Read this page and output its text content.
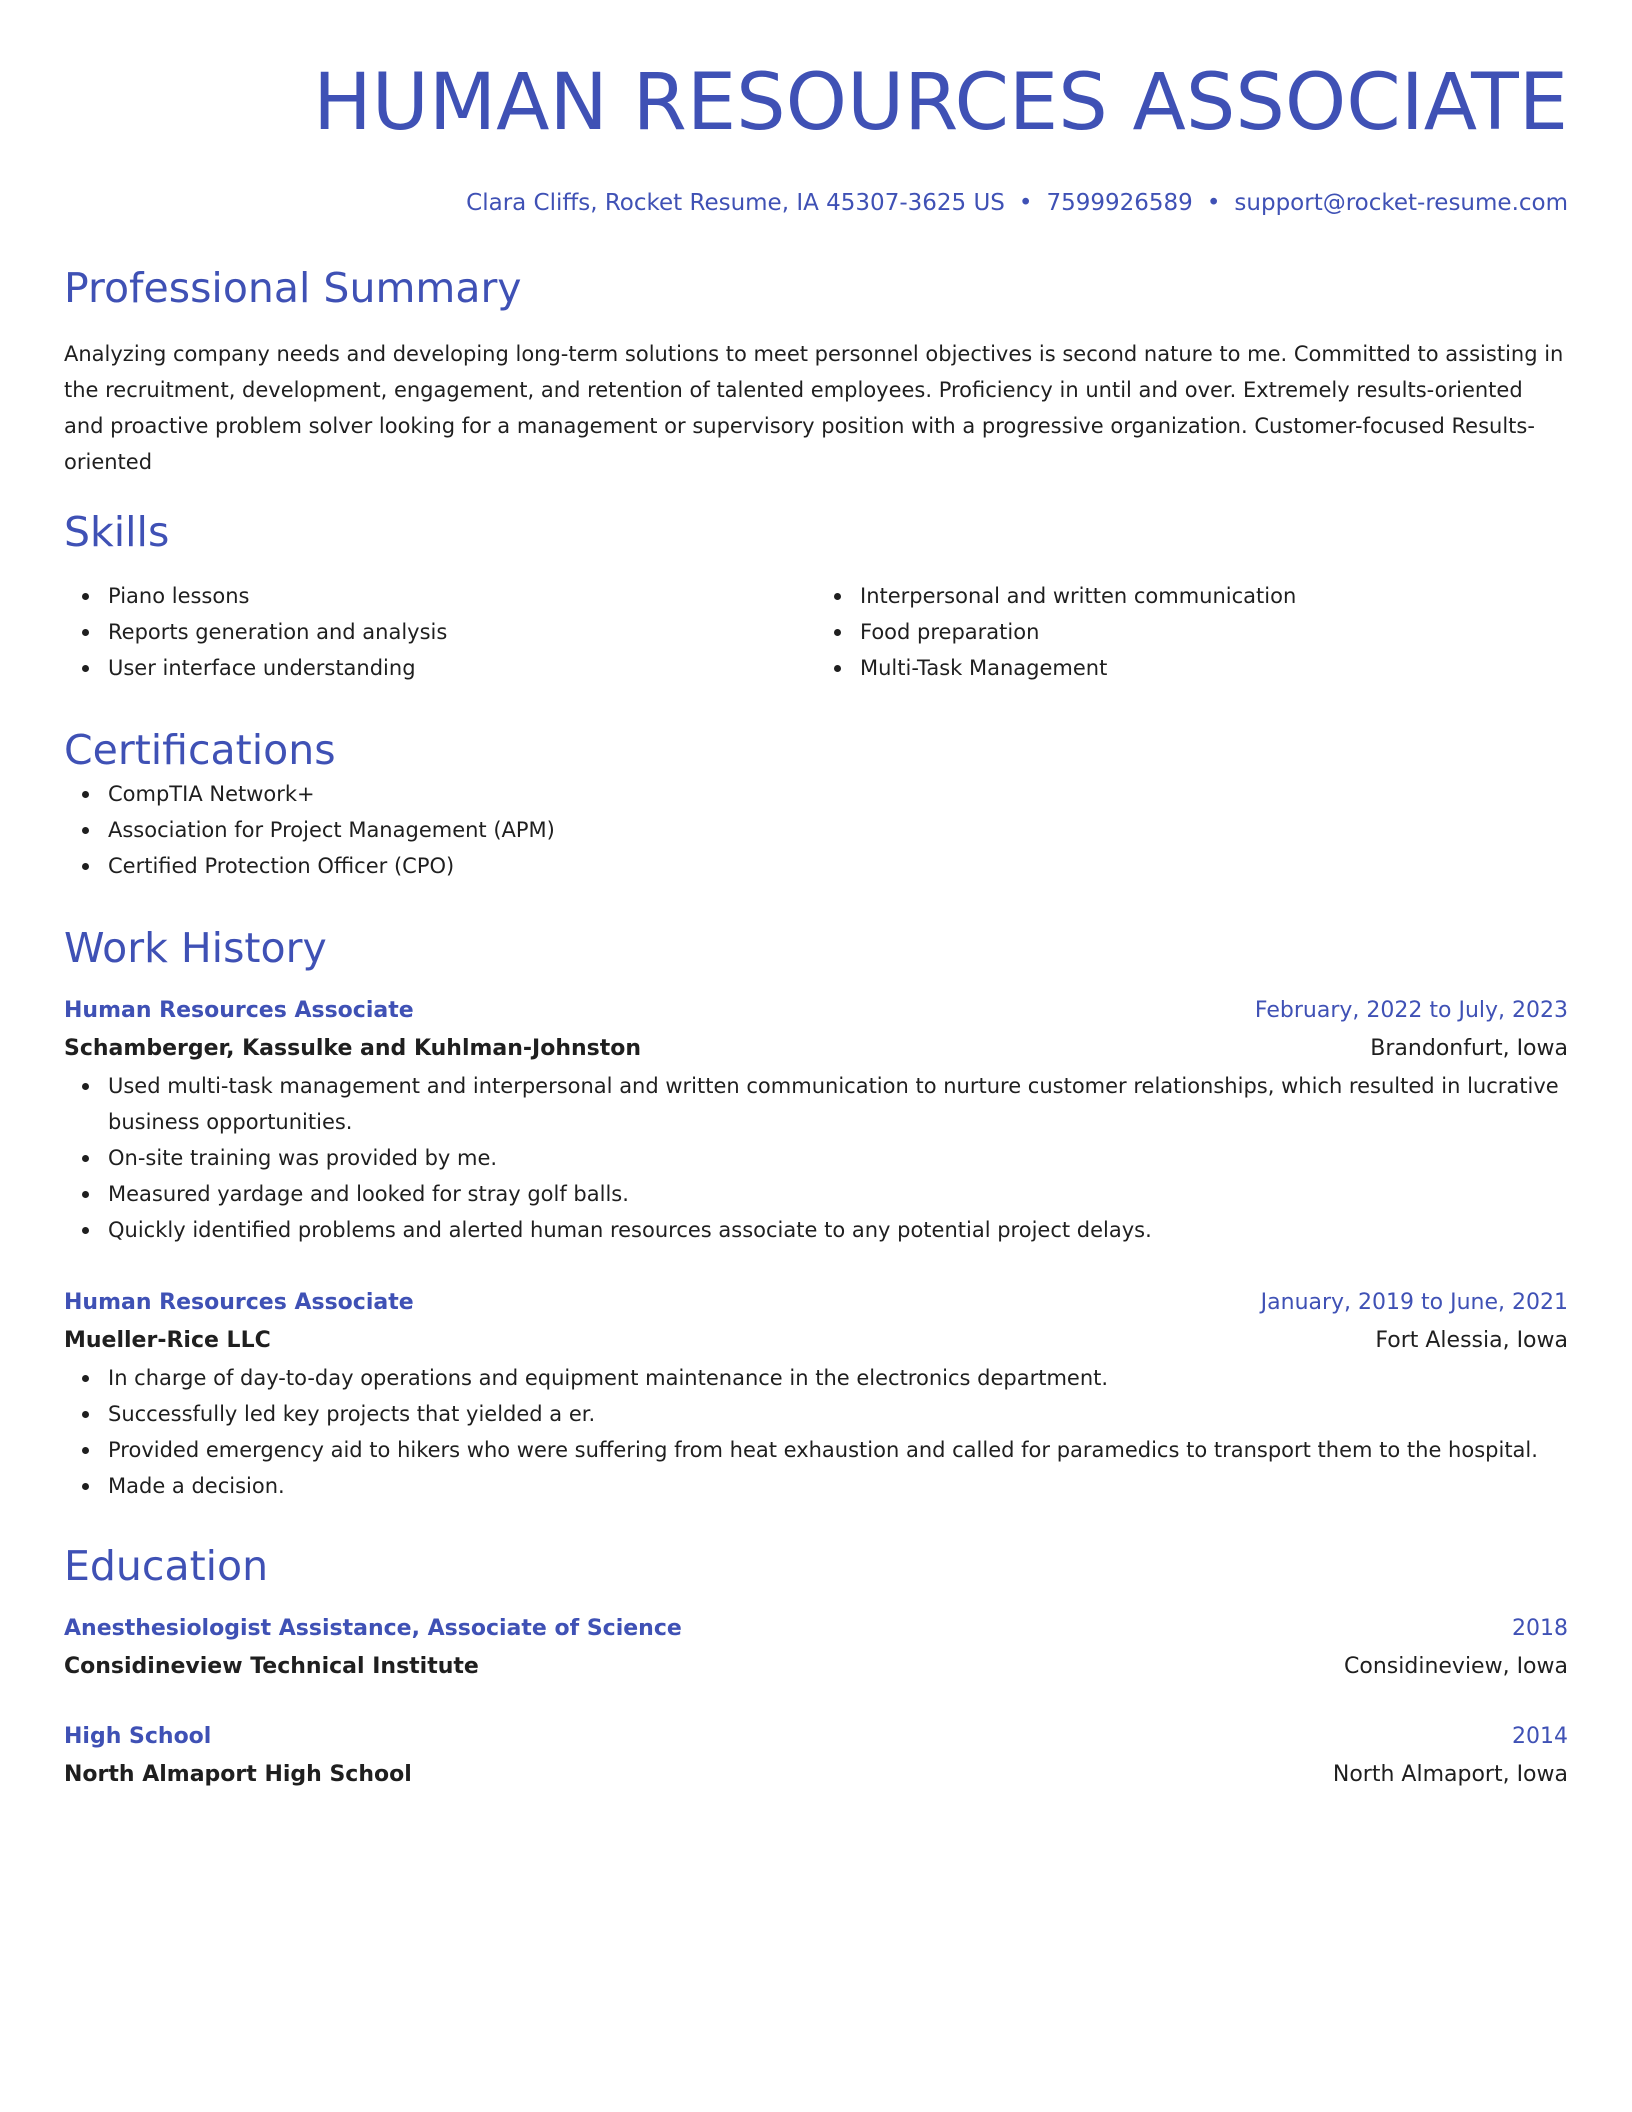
HUMAN RESOURCES ASSOCIATE
Clara Cliffs, Rocket Resume, IA 45307-3625 US • 7599926589 • support@rocket-resume.com
Professional Summary
Analyzing company needs and developing long-term solutions to meet personnel objectives is second nature to me. Committed to assisting in the recruitment, development, engagement, and retention of talented employees. Proficiency in until and over. Extremely results-oriented and proactive problem solver looking for a management or supervisory position with a progressive organization. Customer-focused Results-oriented
Skills
Piano lessons
Reports generation and analysis
User interface understanding
Interpersonal and written communication
Food preparation
Multi-Task Management
Certifications
CompTIA Network+
Association for Project Management (APM)
Certified Protection Officer (CPO)
Work History
Human Resources Associate	February, 2022 to July, 2023
Schamberger, Kassulke and Kuhlman-Johnston	Brandonfurt, Iowa
Used multi-task management and interpersonal and written communication to nurture customer relationships, which resulted in lucrative business opportunities.
On-site training was provided by me.
Measured yardage and looked for stray golf balls.
Quickly identified problems and alerted human resources associate to any potential project delays.
Human Resources Associate	January, 2019 to June, 2021
Mueller-Rice LLC	Fort Alessia, Iowa
In charge of day-to-day operations and equipment maintenance in the electronics department.
Successfully led key projects that yielded a er.
Provided emergency aid to hikers who were suffering from heat exhaustion and called for paramedics to transport them to the hospital.
Made a decision.
Education
Anesthesiologist Assistance, Associate of Science	2018
Considineview Technical Institute	Considineview, Iowa
High School	2014
North Almaport High School	North Almaport, Iowa
